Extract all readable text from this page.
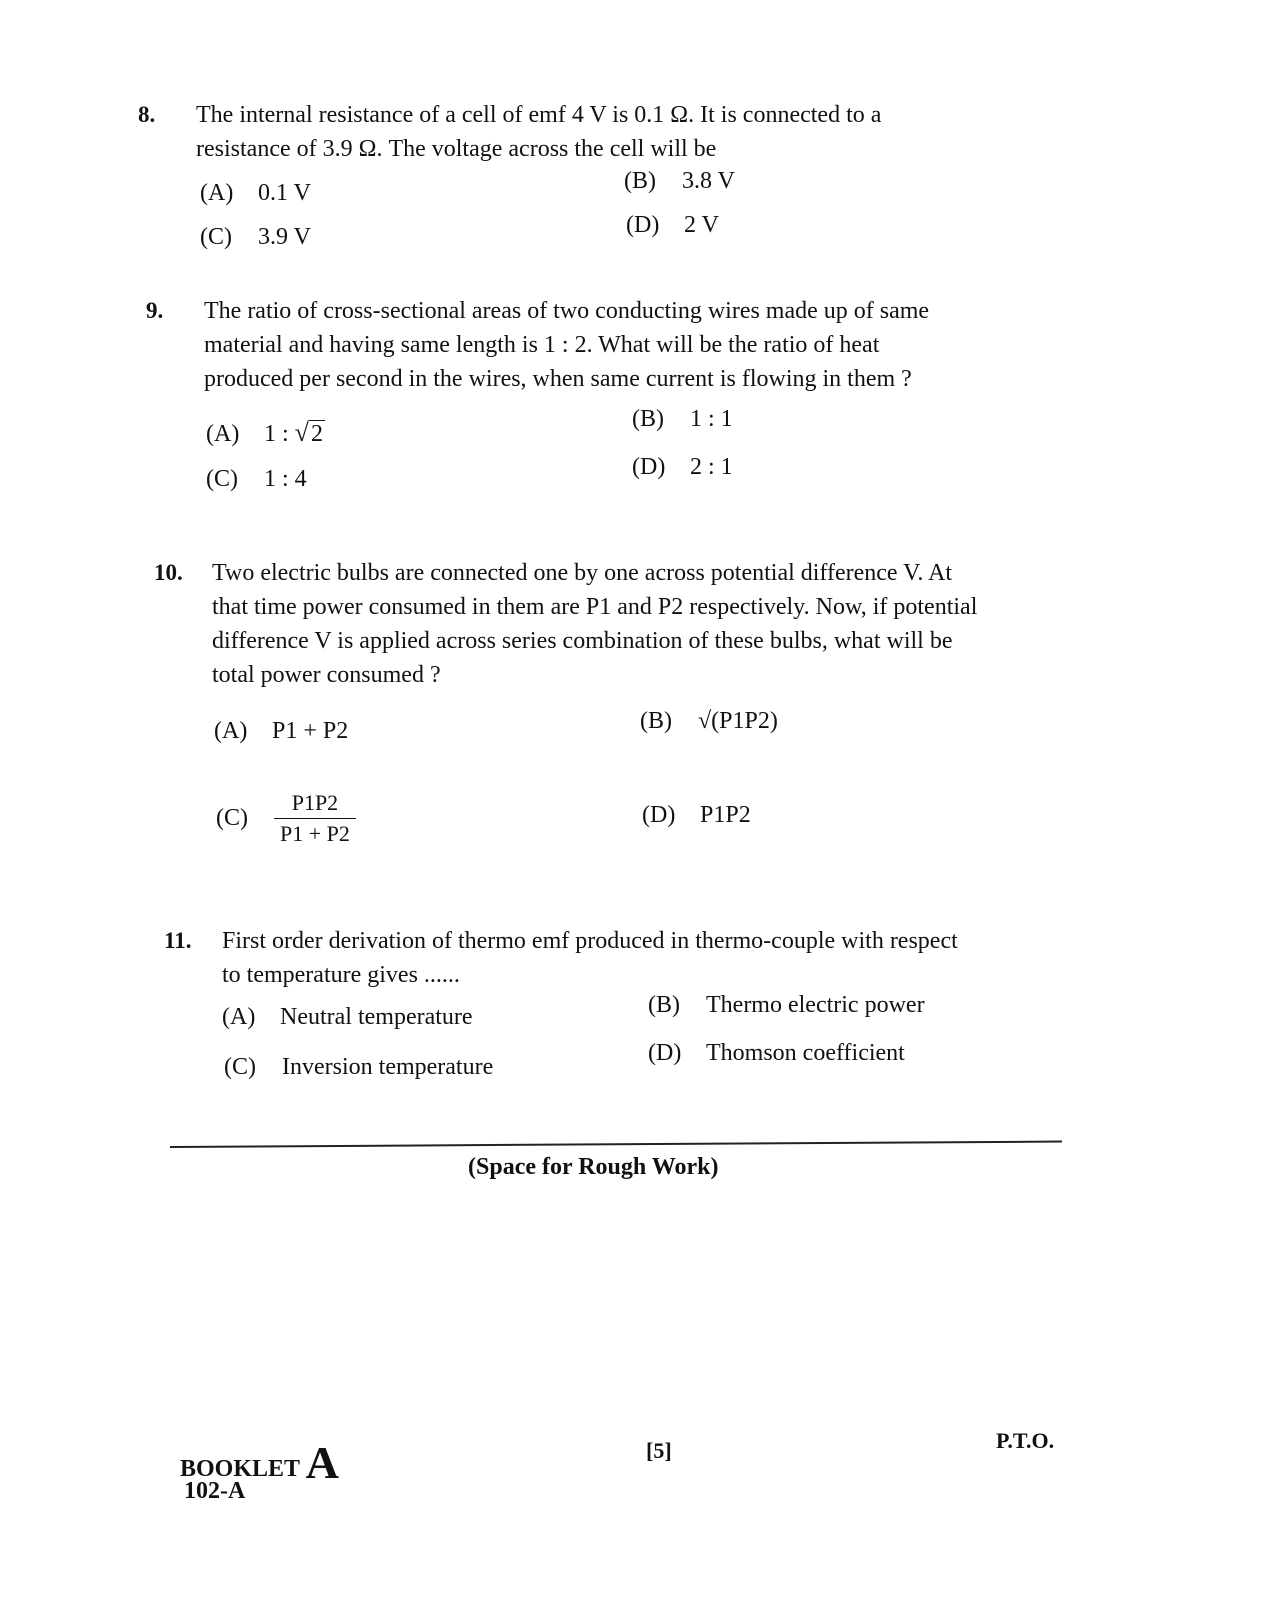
8. The internal resistance of a cell of emf 4 V is 0.1 Ω. It is connected to a
resistance of 3.9 Ω. The voltage across the cell will be
(A) 0.1 V	(B) 3.8 V
(C) 3.9 V	(D) 2 V
9. The ratio of cross-sectional areas of two conducting wires made up of same
material and having same length is 1 : 2. What will be the ratio of heat
produced per second in the wires, when same current is flowing in them ?
(A) 1 : √2
(B) 1 : 1
(C) 1 : 4	(D) 2 : 1
10. Two electric bulbs are connected one by one across potential difference V. At
that time power consumed in them are P1 and P2 respectively. Now, if potential
difference V is applied across series combination of these bulbs, what will be
total power consumed ?
(A) P1 + P2	(B) √(P1P2)
$(C) \frac{P1P2}{P1 + P2}$	(D) P1P2
11. First order derivation of thermo emf produced in thermo-couple with respect
to temperature gives ......
(A) Neutral temperature	(B) Thermo electric power
(C) Inversion temperature
(D) Thomson coefficient
(Space for Rough Work)
BOOKLET A
102-A
[5]	P.T.O.
